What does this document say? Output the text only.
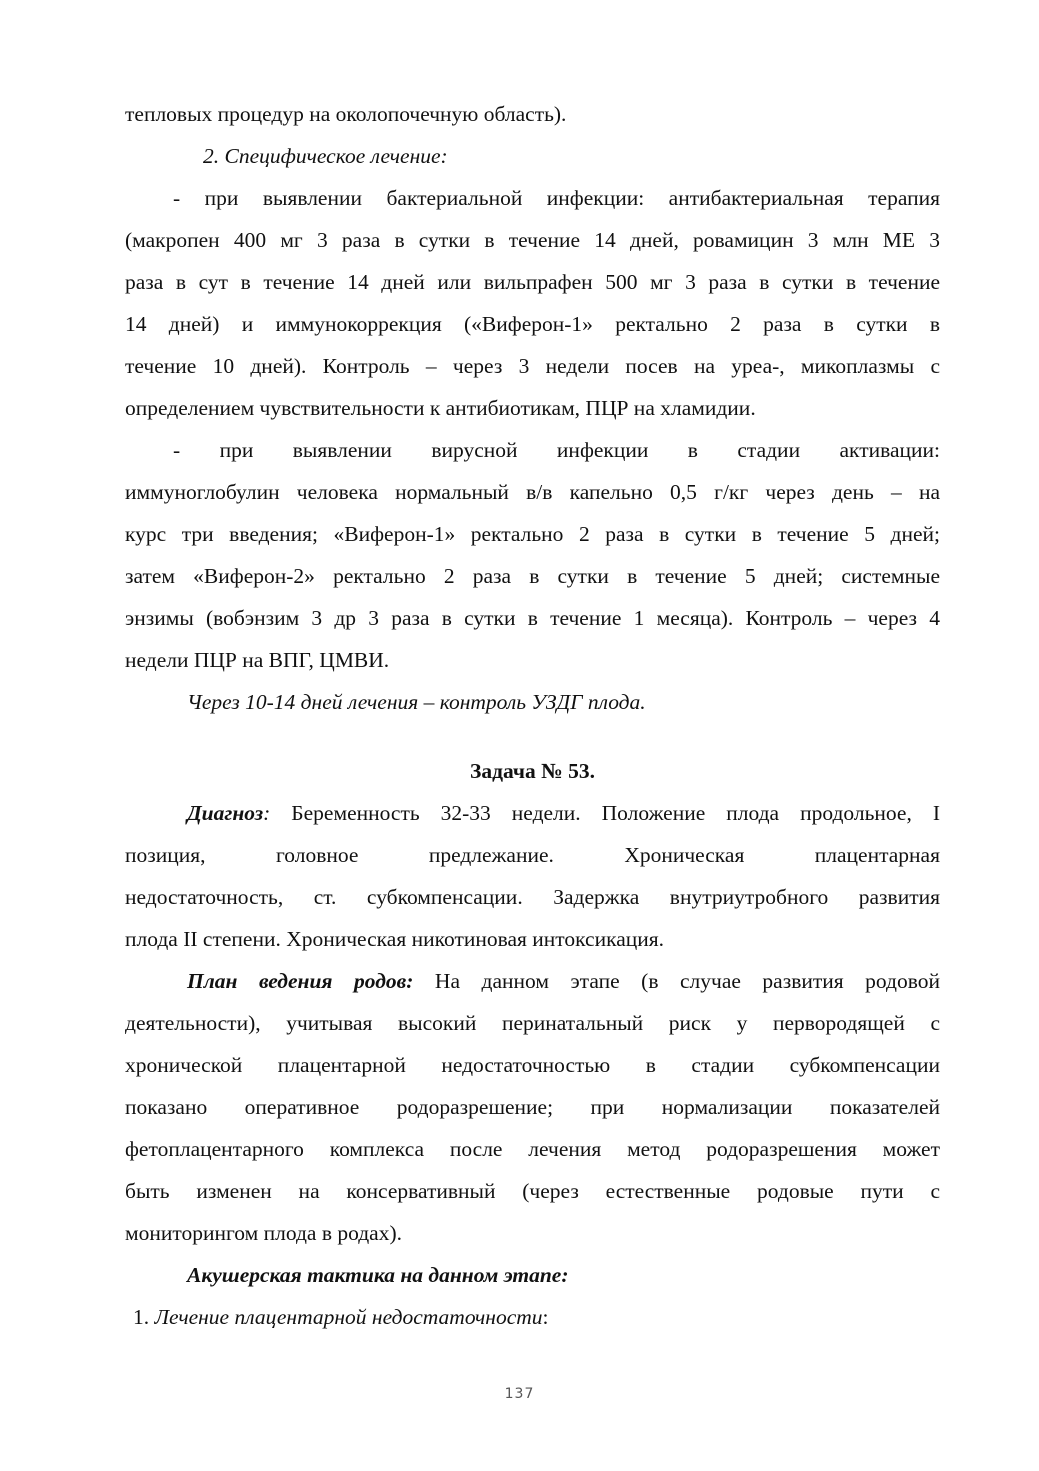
тепловых процедур на околопочечную область).
2. Специфическое лечение:
- при выявлении бактериальной инфекции: антибактериальная терапия
(макропен 400 мг 3 раза в сутки в течение 14 дней, ровамицин 3 млн МЕ 3
раза в сут в течение 14 дней или вильпрафен 500 мг 3 раза в сутки в течение
14 дней) и иммунокоррекция («Виферон-1» ректально 2 раза в сутки в
течение 10 дней). Контроль – через 3 недели посев на уреа-, микоплазмы с
определением чувствительности к антибиотикам, ПЦР на хламидии.
- при выявлении вирусной инфекции в стадии активации:
иммуноглобулин человека нормальный в/в капельно 0,5 г/кг через день – на
курс три введения; «Виферон-1» ректально 2 раза в сутки в течение 5 дней;
затем «Виферон-2» ректально 2 раза в сутки в течение 5 дней; системные
энзимы (вобэнзим 3 др 3 раза в сутки в течение 1 месяца). Контроль – через 4
недели ПЦР на ВПГ, ЦМВИ.
Через 10-14 дней лечения – контроль УЗДГ плода.
Задача № 53.
Диагноз: Беременность 32-33 недели. Положение плода продольное, I
позиция, головное предлежание. Хроническая плацентарная
недостаточность, ст. субкомпенсации. Задержка внутриутробного развития
плода II степени. Хроническая никотиновая интоксикация.
План ведения родов: На данном этапе (в случае развития родовой
деятельности), учитывая высокий перинатальный риск у первородящей с
хронической плацентарной недостаточностью в стадии субкомпенсации
показано оперативное родоразрешение; при нормализации показателей
фетоплацентарного комплекса после лечения метод родоразрешения может
быть изменен на консервативный (через естественные родовые пути с
мониторингом плода в родах).
Акушерская тактика на данном этапе:
1. Лечение плацентарной недостаточности:
137
